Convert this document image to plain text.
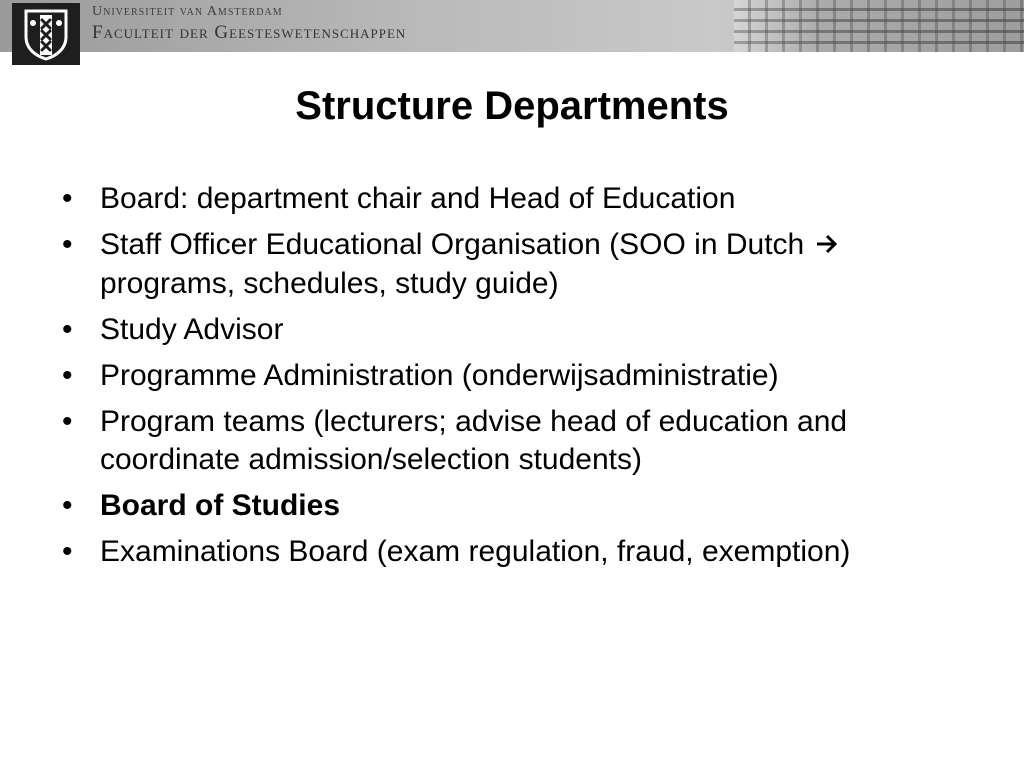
Universiteit van Amsterdam
Faculteit der Geesteswetenschappen
Structure Departments
• Board: department chair and Head of Education
• Staff Officer Educational Organisation (SOO in Dutch
programs, schedules, study guide)
• Study Advisor
• Programme Administration (onderwijsadministratie)
• Program teams (lecturers; advise head of education and coordinate admission/selection students)
• Board of Studies
• Examinations Board (exam regulation, fraud, exemption)
